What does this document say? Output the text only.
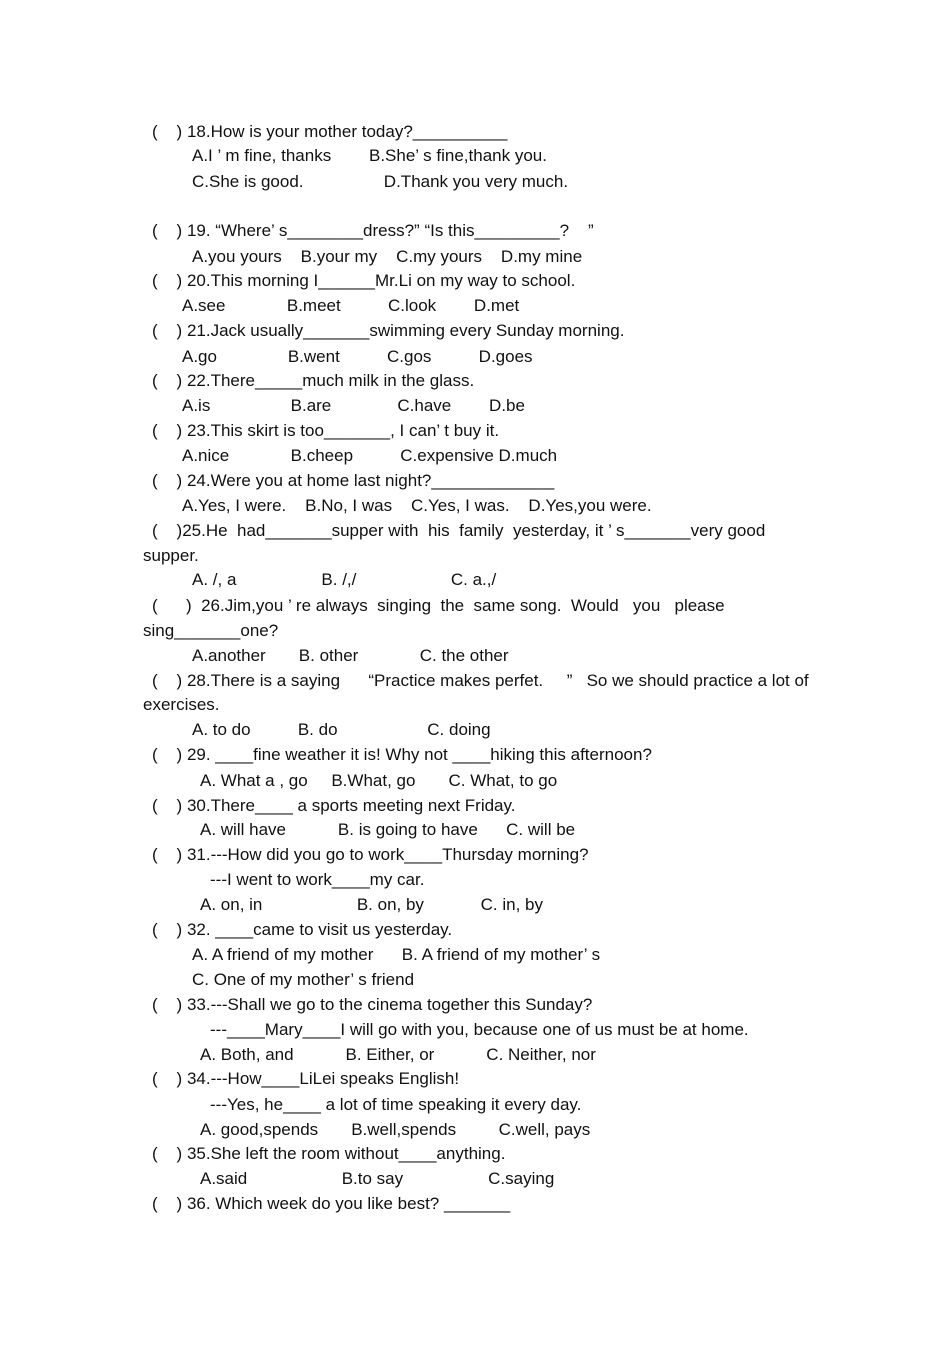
(    ) 18.How is your mother today?__________
A.I ’ m fine, thanks        B.She’ s fine,thank you.
C.She is good.                 D.Thank you very much.
(    ) 19. “Where’ s________dress?” “Is this_________?    ”
A.you yours    B.your my    C.my yours    D.my mine
(    ) 20.This morning I______Mr.Li on my way to school.
A.see             B.meet          C.look        D.met
(    ) 21.Jack usually_______swimming every Sunday morning.
A.go               B.went          C.gos          D.goes
(    ) 22.There_____much milk in the glass.
A.is                 B.are              C.have        D.be
(    ) 23.This skirt is too_______, I can’ t buy it.
A.nice             B.cheep          C.expensive D.much
(    ) 24.Were you at home last night?_____________
A.Yes, I were.    B.No, I was    C.Yes, I was.    D.Yes,you were.
(    )25.He  had_______supper with  his  family  yesterday, it ’ s_______very good
supper.
A. /, a                  B. /,/                    C. a.,/
(      )  26.Jim,you ’ re always  singing  the  same song.  Would   you   please
sing_______one?
A.another       B. other             C. the other
(    ) 28.There is a saying      “Practice makes perfet.     ”   So we should practice a lot of
exercises.
A. to do          B. do                   C. doing
(    ) 29. ____fine weather it is! Why not ____hiking this afternoon?
A. What a , go     B.What, go       C. What, to go
(    ) 30.There____ a sports meeting next Friday.
A. will have           B. is going to have      C. will be
(    ) 31.---How did you go to work____Thursday morning?
---I went to work____my car.
A. on, in                    B. on, by            C. in, by
(    ) 32. ____came to visit us yesterday.
A. A friend of my mother      B. A friend of my mother’ s
C. One of my mother’ s friend
(    ) 33.---Shall we go to the cinema together this Sunday?
---____Mary____I will go with you, because one of us must be at home.
A. Both, and           B. Either, or           C. Neither, nor
(    ) 34.---How____LiLei speaks English!
---Yes, he____ a lot of time speaking it every day.
A. good,spends       B.well,spends         C.well, pays
(    ) 35.She left the room without____anything.
A.said                    B.to say                  C.saying
(    ) 36. Which week do you like best? _______
